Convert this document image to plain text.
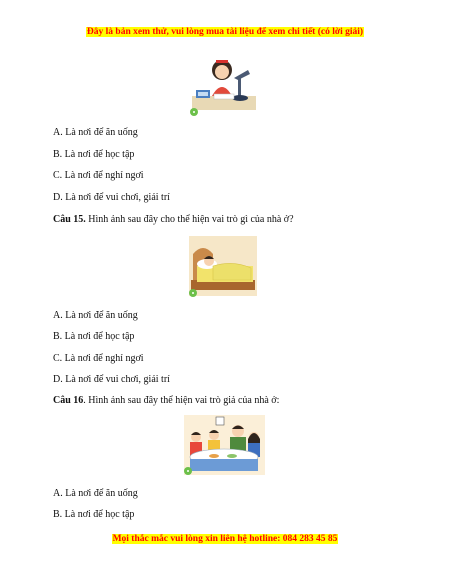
Đây là bản xem thử, vui lòng mua tài liệu để xem chi tiết (có lời giải)
A. Là nơi để ăn uống
B. Là nơi để học tập
C. Là nơi để nghỉ ngơi
D. Là nơi để vui chơi, giải trí
Câu 15. Hình ảnh sau đây cho thể hiện vai trò gì của nhà ở?
A. Là nơi để ăn uống
B. Là nơi để học tập
C. Là nơi để nghỉ ngơi
D. Là nơi để vui chơi, giải trí
Câu 16. Hình ảnh sau đây thể hiện vai trò giả của nhà ở:
A. Là nơi để ăn uống
B. Là nơi để học tập
Mọi thắc mắc vui lòng xin liên hệ hotline: 084 283 45 85
